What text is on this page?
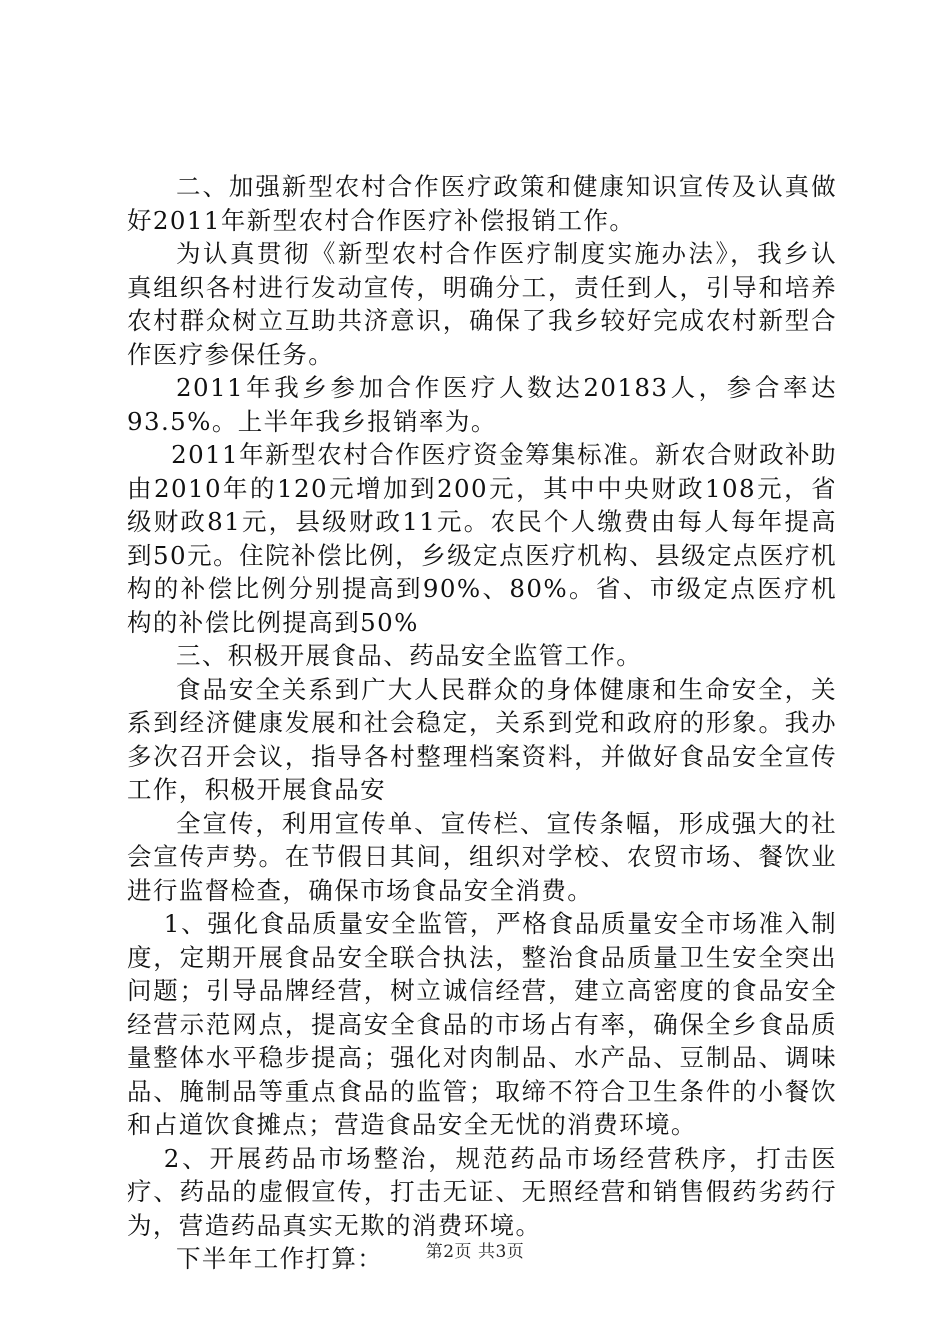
二、加强新型农村合作医疗政策和健康知识宣传及认真做好2011年新型农村合作医疗补偿报销工作。

为认真贯彻《新型农村合作医疗制度实施办法》，我乡认真组织各村进行发动宣传，明确分工，责任到人，引导和培养农村群众树立互助共济意识，确保了我乡较好完成农村新型合作医疗参保任务。

2011年我乡参加合作医疗人数达20183人，参合率达93.5%。上半年我乡报销率为。

2011年新型农村合作医疗资金筹集标准。新农合财政补助由2010年的120元增加到200元，其中中央财政108元，省级财政81元，县级财政11元。农民个人缴费由每人每年提高到50元。住院补偿比例，乡级定点医疗机构、县级定点医疗机构的补偿比例分别提高到90%、80%。省、市级定点医疗机构的补偿比例提高到50%

三、积极开展食品、药品安全监管工作。

食品安全关系到广大人民群众的身体健康和生命安全，关系到经济健康发展和社会稳定，关系到党和政府的形象。我办多次召开会议，指导各村整理档案资料，并做好食品安全宣传工作，积极开展食品安

全宣传，利用宣传单、宣传栏、宣传条幅，形成强大的社会宣传声势。在节假日其间，组织对学校、农贸市场、餐饮业进行监督检查，确保市场食品安全消费。

1、强化食品质量安全监管，严格食品质量安全市场准入制度，定期开展食品安全联合执法，整治食品质量卫生安全突出问题；引导品牌经营，树立诚信经营，建立高密度的食品安全经营示范网点，提高安全食品的市场占有率，确保全乡食品质量整体水平稳步提高；强化对肉制品、水产品、豆制品、调味品、腌制品等重点食品的监管；取缔不符合卫生条件的小餐饮和占道饮食摊点；营造食品安全无忧的消费环境。

2、开展药品市场整治，规范药品市场经营秩序，打击医疗、药品的虚假宣传，打击无证、无照经营和销售假药劣药行为，营造药品真实无欺的消费环境。

下半年工作打算：	第2页 共3页
